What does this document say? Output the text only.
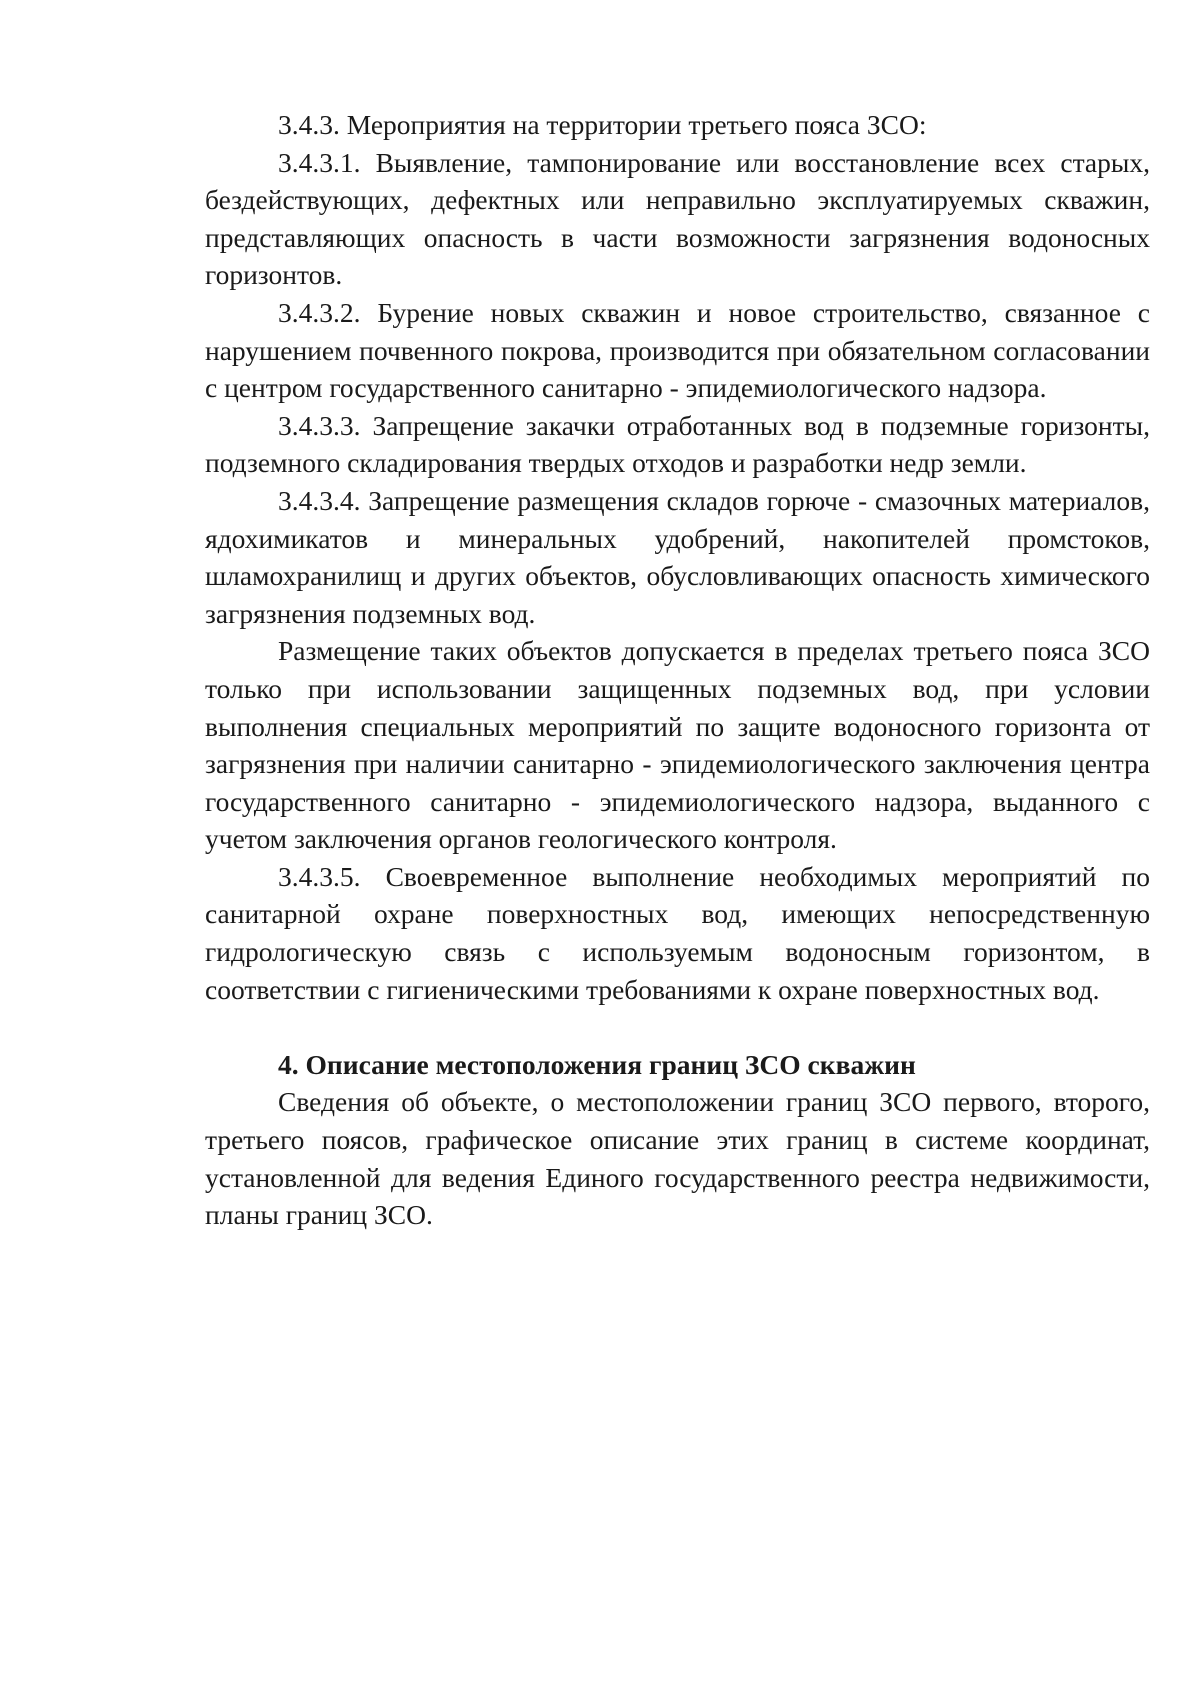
3.4.3. Мероприятия на территории третьего пояса ЗСО:

3.4.3.1. Выявление, тампонирование или восстановление всех старых, бездействующих, дефектных или неправильно эксплуатируемых скважин, представляющих опасность в части возможности загрязнения водоносных горизонтов.

3.4.3.2. Бурение новых скважин и новое строительство, связанное с нарушением почвенного покрова, производится при обязательном согласовании с центром государственного санитарно - эпидемиологического надзора.

3.4.3.3. Запрещение закачки отработанных вод в подземные горизонты, подземного складирования твердых отходов и разработки недр земли.

3.4.3.4. Запрещение размещения складов горюче - смазочных материалов, ядохимикатов и минеральных удобрений, накопителей промстоков, шламохранилищ и других объектов, обусловливающих опасность химического загрязнения подземных вод.

Размещение таких объектов допускается в пределах третьего пояса ЗСО только при использовании защищенных подземных вод, при условии выполнения специальных мероприятий по защите водоносного горизонта от загрязнения при наличии санитарно - эпидемиологического заключения центра государственного санитарно - эпидемиологического надзора, выданного с учетом заключения органов геологического контроля.

3.4.3.5. Своевременное выполнение необходимых мероприятий по санитарной охране поверхностных вод, имеющих непосредственную гидрологическую связь с используемым водоносным горизонтом, в соответствии с гигиеническими требованиями к охране поверхностных вод.

4. Описание местоположения границ ЗСО скважин

Сведения об объекте, о местоположении границ ЗСО первого, второго, третьего поясов, графическое описание этих границ в системе координат, установленной для ведения Единого государственного реестра недвижимости, планы границ ЗСО.
